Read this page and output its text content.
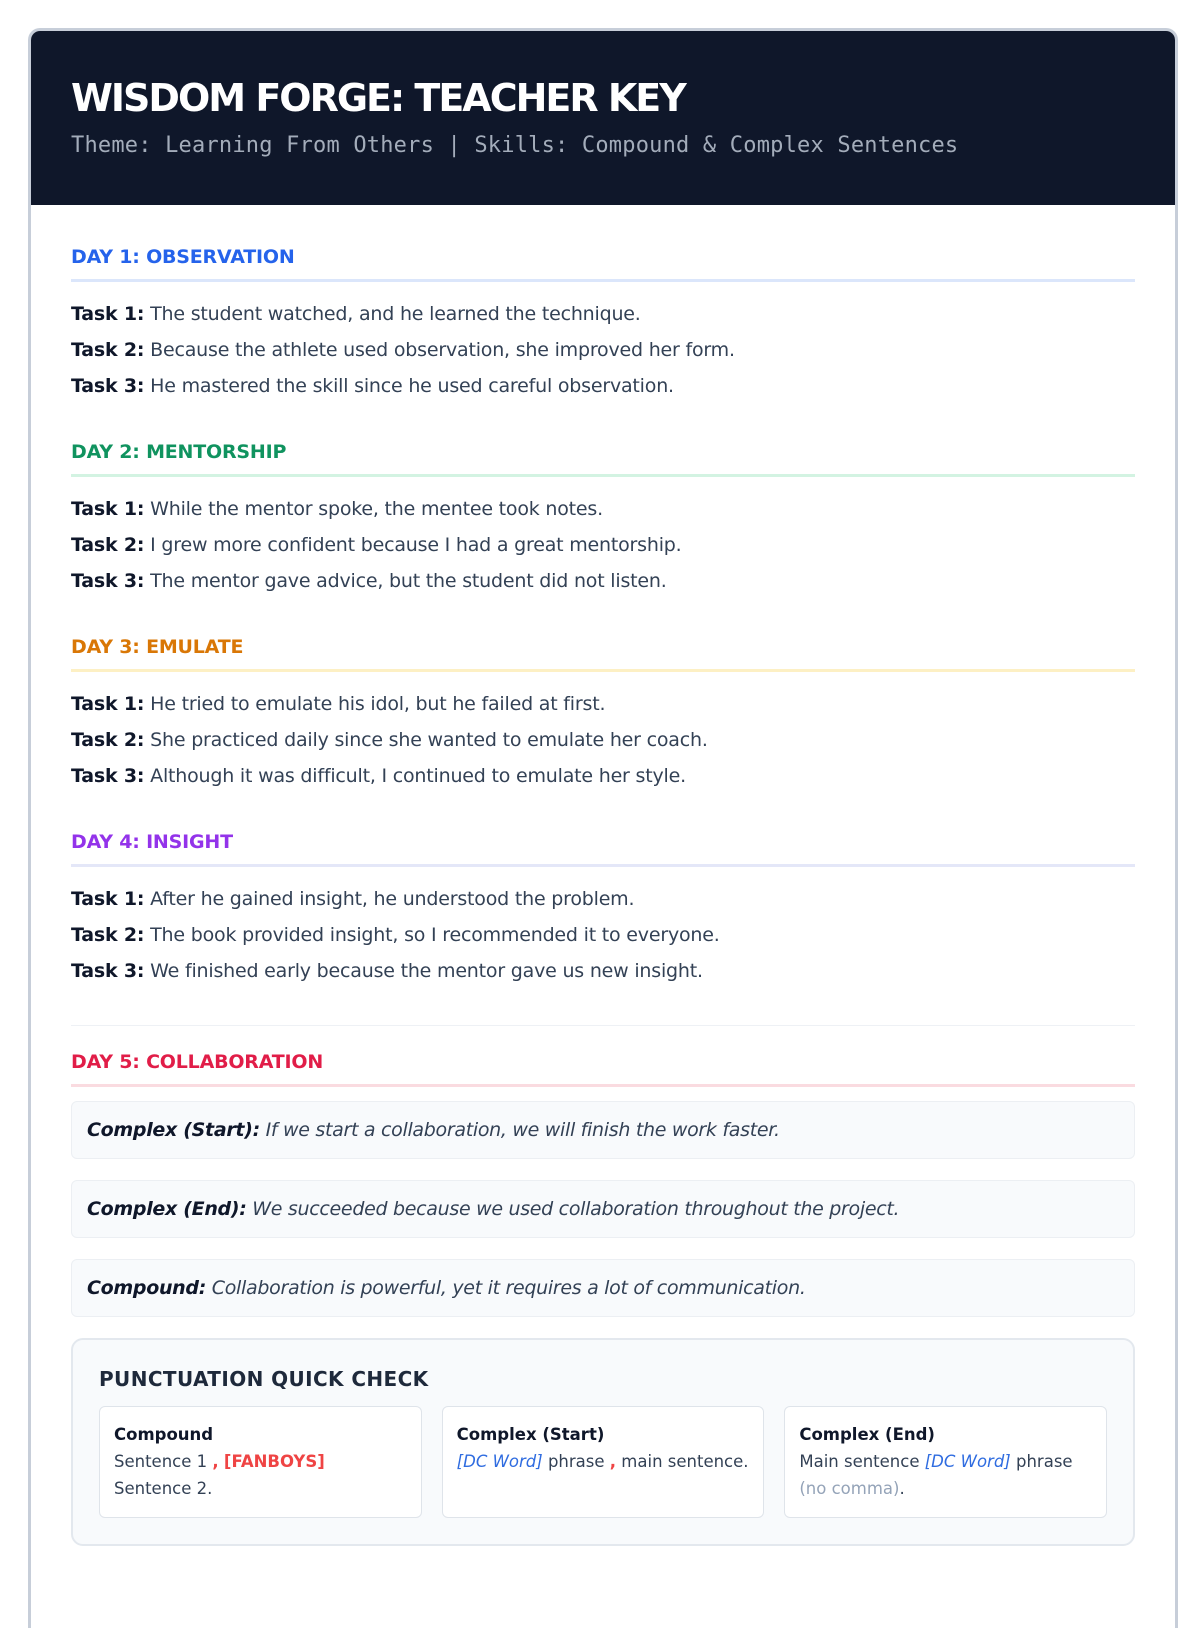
WISDOM FORGE: TEACHER KEY
Theme: Learning From Others | Skills: Compound & Complex Sentences
DAY 1: OBSERVATION
Task 1: The student watched, and he learned the technique.
Task 2: Because the athlete used observation, she improved her form.
Task 3: He mastered the skill since he used careful observation.
DAY 2: MENTORSHIP
Task 1: While the mentor spoke, the mentee took notes.
Task 2: I grew more confident because I had a great mentorship.
Task 3: The mentor gave advice, but the student did not listen.
DAY 3: EMULATE
Task 1: He tried to emulate his idol, but he failed at first.
Task 2: She practiced daily since she wanted to emulate her coach.
Task 3: Although it was difficult, I continued to emulate her style.
DAY 4: INSIGHT
Task 1: After he gained insight, he understood the problem.
Task 2: The book provided insight, so I recommended it to everyone.
Task 3: We finished early because the mentor gave us new insight.
DAY 5: COLLABORATION
Complex (Start): If we start a collaboration, we will finish the work faster.
Complex (End): We succeeded because we used collaboration throughout the project.
Compound: Collaboration is powerful, yet it requires a lot of communication.
PUNCTUATION QUICK CHECK
Compound
Sentence 1 , [FANBOYS]
Sentence 2.
Complex (Start)
[DC Word] phrase , main sentence.
Complex (End)
Main sentence [DC Word] phrase
(no comma).
